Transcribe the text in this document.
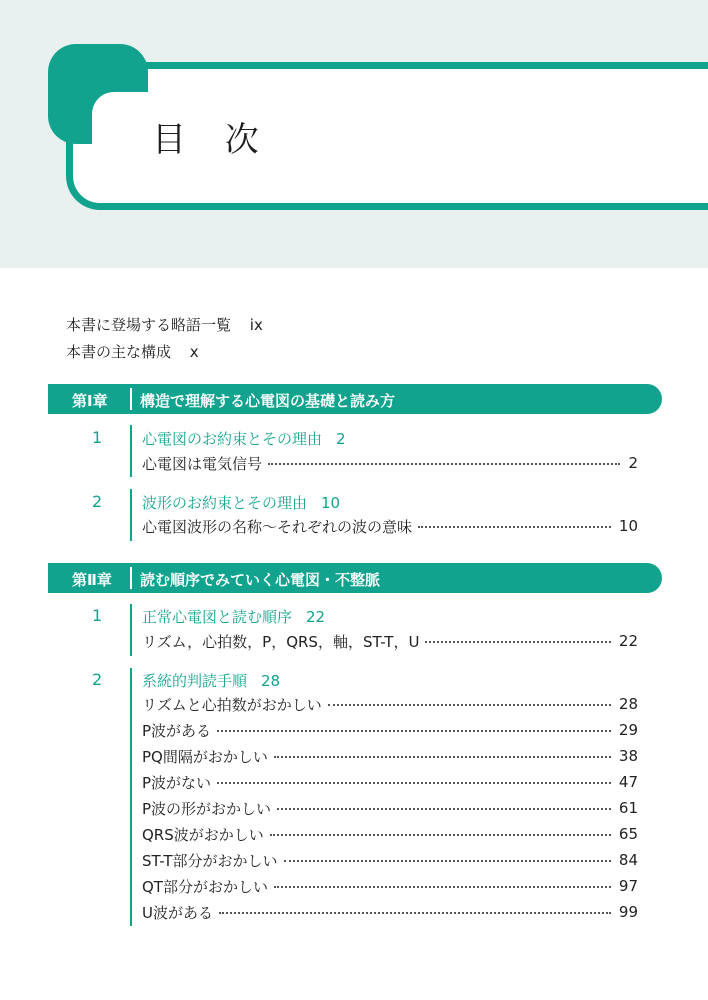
目 次
本書に登場する略語一覧 ix
本書の主な構成 x
第Ⅰ章 構造で理解する心電図の基礎と読み方
1	心電図のお約束とその理由 2
心電図は電気信号	2
2	波形のお約束とその理由 10
心電図波形の名称～それぞれの波の意味	10
第Ⅱ章 読む順序でみていく心電図・不整脈
1	正常心電図と読む順序 22
リズム，心拍数，P，QRS，軸，ST-T，U	22
2	系統的判読手順 28
リズムと心拍数がおかしい	28
P波がある	29
PQ間隔がおかしい	38
P波がない	47
P波の形がおかしい	61
QRS波がおかしい	65
ST-T部分がおかしい	84
QT部分がおかしい	97
U波がある	99
